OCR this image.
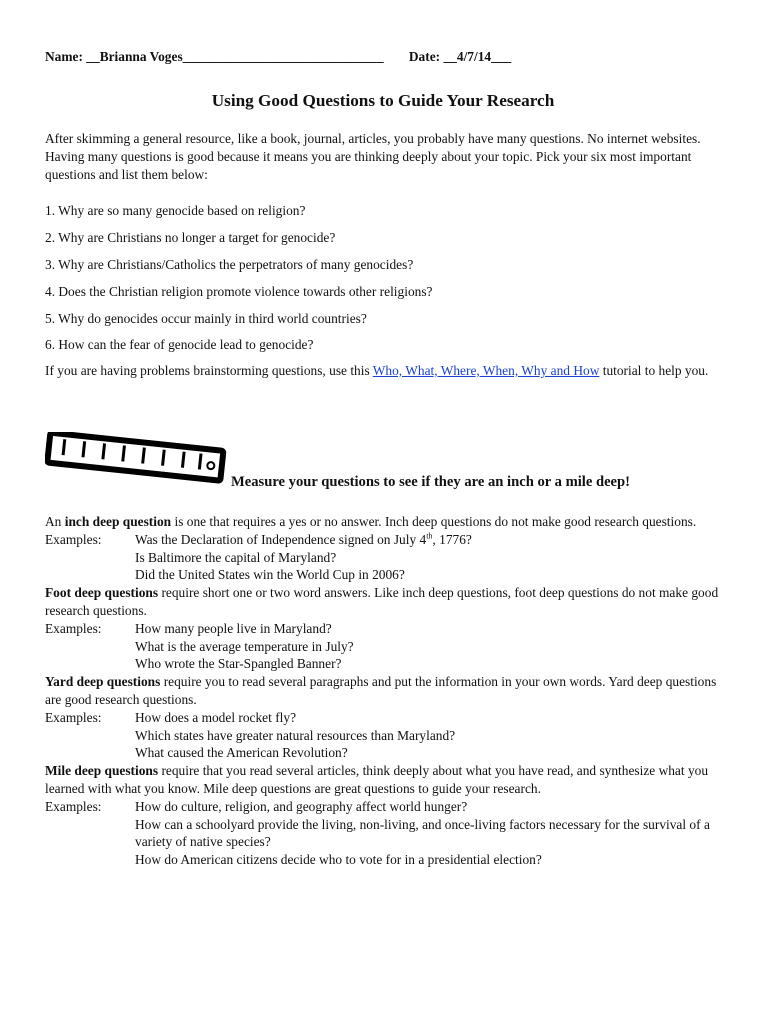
Name: __Brianna Voges______________________________ Date: __4/7/14___
Using Good Questions to Guide Your Research
After skimming a general resource, like a book, journal, articles, you probably have many questions. No internet websites. Having many questions is good because it means you are thinking deeply about your topic. Pick your six most important questions and list them below:
1. Why are so many genocide based on religion?
2. Why are Christians no longer a target for genocide?
3. Why are Christians/Catholics the perpetrators of many genocides?
4. Does the Christian religion promote violence towards other religions?
5. Why do genocides occur mainly in third world countries?
6. How can the fear of genocide lead to genocide?
If you are having problems brainstorming questions, use this Who, What, Where, When, Why and How tutorial to help you.
Measure your questions to see if they are an inch or a mile deep!
An inch deep question is one that requires a yes or no answer. Inch deep questions do not make good research questions.
Examples:	Was the Declaration of Independence signed on July 4th, 1776?
Is Baltimore the capital of Maryland?
Did the United States win the World Cup in 2006?
Foot deep questions require short one or two word answers. Like inch deep questions, foot deep questions do not make good research questions.
Examples:	How many people live in Maryland?
What is the average temperature in July?
Who wrote the Star-Spangled Banner?
Yard deep questions require you to read several paragraphs and put the information in your own words. Yard deep questions are good research questions.
Examples:	How does a model rocket fly?
Which states have greater natural resources than Maryland?
What caused the American Revolution?
Mile deep questions require that you read several articles, think deeply about what you have read, and synthesize what you learned with what you know. Mile deep questions are great questions to guide your research.
Examples:	How do culture, religion, and geography affect world hunger?
How can a schoolyard provide the living, non-living, and once-living factors necessary for the survival of a variety of native species?
How do American citizens decide who to vote for in a presidential election?
